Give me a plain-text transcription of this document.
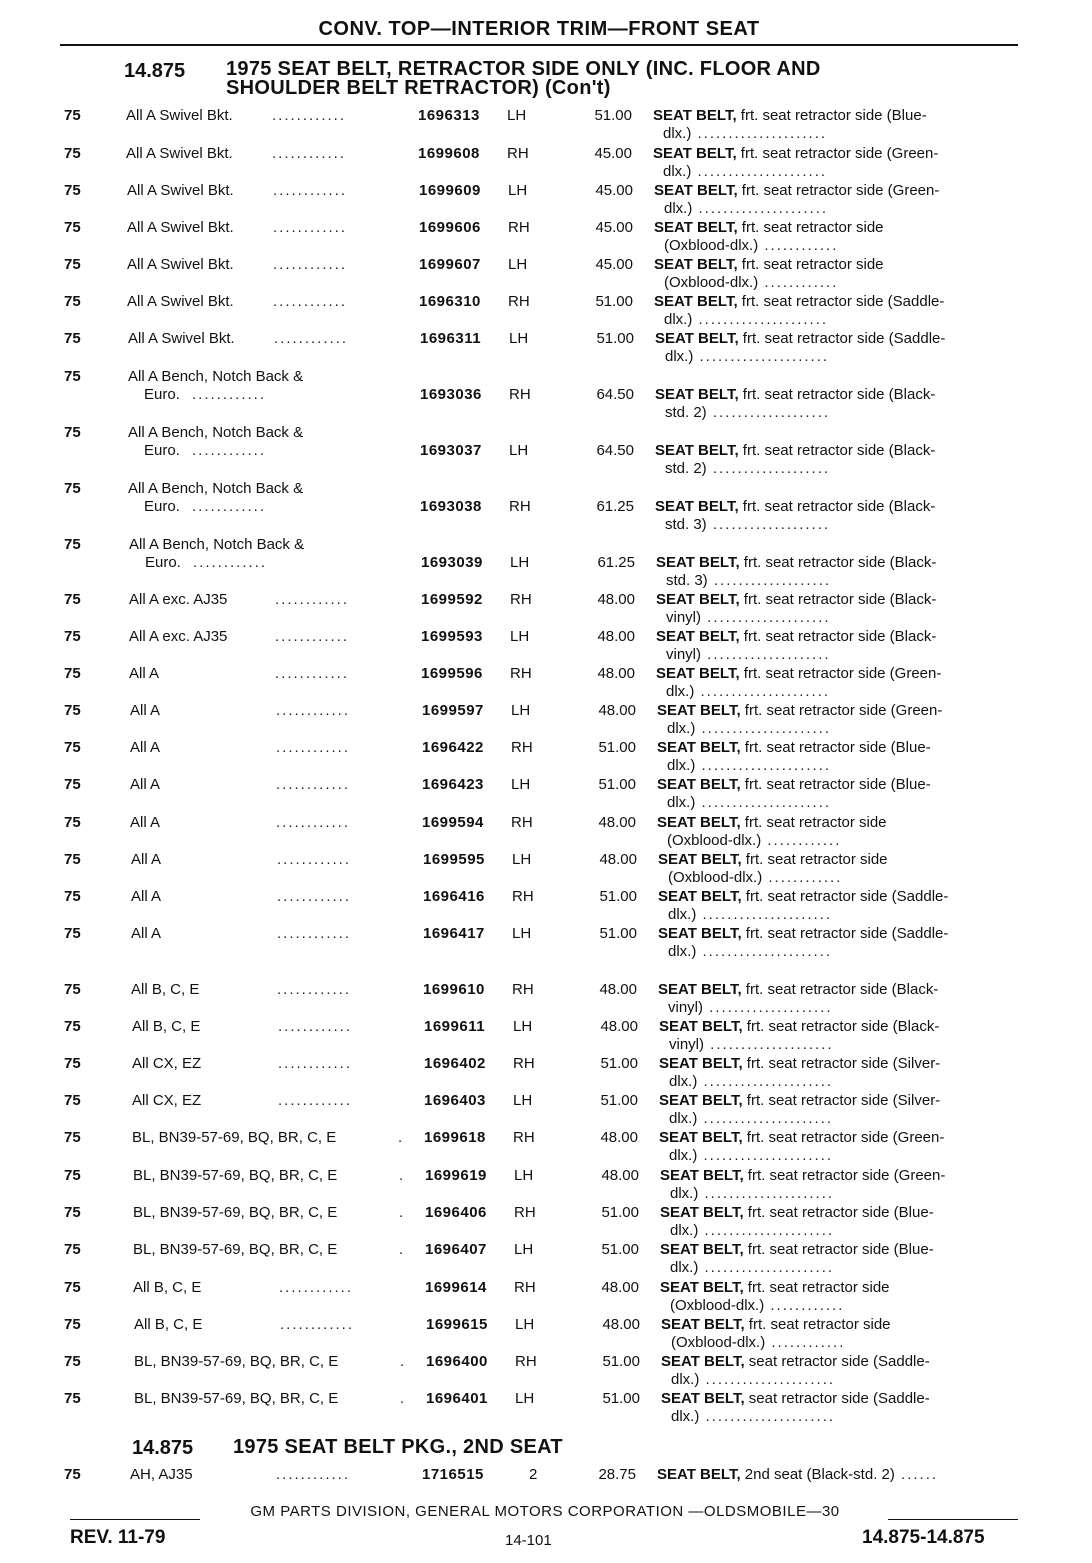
CONV. TOP—INTERIOR TRIM—FRONT SEAT
14.875 1975 SEAT BELT, RETRACTOR SIDE ONLY (INC. FLOOR AND
SHOULDER BELT RETRACTOR) (Con't)
75	All A Swivel Bkt.	............	1696313 LH	51.00 SEAT BELT, frt. seat retractor side (Blue-
dlx.) .....................
75	All A Swivel Bkt.	............	1699608 RH	45.00 SEAT BELT, frt. seat retractor side (Green-
dlx.) .....................
75	All A Swivel Bkt.	............	1699609 LH	45.00 SEAT BELT, frt. seat retractor side (Green-
dlx.) .....................
75	All A Swivel Bkt.	............	1699606 RH	45.00 SEAT BELT, frt. seat retractor side
(Oxblood-dlx.) ............
75	All A Swivel Bkt.	............	1699607 LH	45.00 SEAT BELT, frt. seat retractor side
(Oxblood-dlx.) ............
75	All A Swivel Bkt.	............	1696310 RH	51.00 SEAT BELT, frt. seat retractor side (Saddle-
dlx.) .....................
75	All A Swivel Bkt.	............	1696311 LH	51.00 SEAT BELT, frt. seat retractor side (Saddle-
dlx.) .....................
75	All A Bench, Notch Back &
Euro. ............	1693036 RH	64.50 SEAT BELT, frt. seat retractor side (Black-
std. 2) ...................
75	All A Bench, Notch Back &
Euro. ............	1693037 LH	64.50 SEAT BELT, frt. seat retractor side (Black-
std. 2) ...................
75	All A Bench, Notch Back &
Euro. ............	1693038 RH	61.25 SEAT BELT, frt. seat retractor side (Black-
std. 3) ...................
75	All A Bench, Notch Back &
Euro. ............	1693039 LH	61.25 SEAT BELT, frt. seat retractor side (Black-
std. 3) ...................
75	All A exc. AJ35	............	1699592 RH	48.00 SEAT BELT, frt. seat retractor side (Black-
vinyl) ....................
75	All A exc. AJ35	............	1699593 LH	48.00 SEAT BELT, frt. seat retractor side (Black-
vinyl) ....................
75	All A	............	1699596 RH	48.00 SEAT BELT, frt. seat retractor side (Green-
dlx.) .....................
75	All A	............	1699597 LH	48.00 SEAT BELT, frt. seat retractor side (Green-
dlx.) .....................
75	All A	............	1696422 RH	51.00 SEAT BELT, frt. seat retractor side (Blue-
dlx.) .....................
75	All A	............	1696423 LH	51.00 SEAT BELT, frt. seat retractor side (Blue-
dlx.) .....................
75	All A	............	1699594 RH	48.00 SEAT BELT, frt. seat retractor side
(Oxblood-dlx.) ............
75	All A	............	1699595 LH	48.00 SEAT BELT, frt. seat retractor side
(Oxblood-dlx.) ............
75	All A	............	1696416 RH	51.00 SEAT BELT, frt. seat retractor side (Saddle-
dlx.) .....................
75	All A	............	1696417 LH	51.00 SEAT BELT, frt. seat retractor side (Saddle-
dlx.) .....................
75	All B, C, E	............	1699610 RH	48.00 SEAT BELT, frt. seat retractor side (Black-
vinyl) ....................
75	All B, C, E	............	1699611 LH	48.00 SEAT BELT, frt. seat retractor side (Black-
vinyl) ....................
75	All CX, EZ	............	1696402 RH	51.00 SEAT BELT, frt. seat retractor side (Silver-
dlx.) .....................
75	All CX, EZ	............	1696403 LH	51.00 SEAT BELT, frt. seat retractor side (Silver-
dlx.) .....................
75	BL, BN39-57-69, BQ, BR, C, E	. 1699618 RH	48.00 SEAT BELT, frt. seat retractor side (Green-
dlx.) .....................
75	BL, BN39-57-69, BQ, BR, C, E	. 1699619 LH	48.00 SEAT BELT, frt. seat retractor side (Green-
dlx.) .....................
75	BL, BN39-57-69, BQ, BR, C, E	. 1696406 RH	51.00 SEAT BELT, frt. seat retractor side (Blue-
dlx.) .....................
75	BL, BN39-57-69, BQ, BR, C, E	. 1696407 LH	51.00 SEAT BELT, frt. seat retractor side (Blue-
dlx.) .....................
75	All B, C, E	............	1699614 RH	48.00 SEAT BELT, frt. seat retractor side
(Oxblood-dlx.) ............
75	All B, C, E	............	1699615 LH	48.00 SEAT BELT, frt. seat retractor side
(Oxblood-dlx.) ............
75	BL, BN39-57-69, BQ, BR, C, E	. 1696400 RH	51.00 SEAT BELT, seat retractor side (Saddle-
dlx.) .....................
75	BL, BN39-57-69, BQ, BR, C, E	. 1696401 LH	51.00 SEAT BELT, seat retractor side (Saddle-
dlx.) .....................
14.875 1975 SEAT BELT PKG., 2ND SEAT
75	AH, AJ35	............	1716515	2	28.75 SEAT BELT, 2nd seat (Black-std. 2) ......
GM PARTS DIVISION, GENERAL MOTORS CORPORATION —OLDSMOBILE—30
REV. 11-79	14-101	14.875-14.875
